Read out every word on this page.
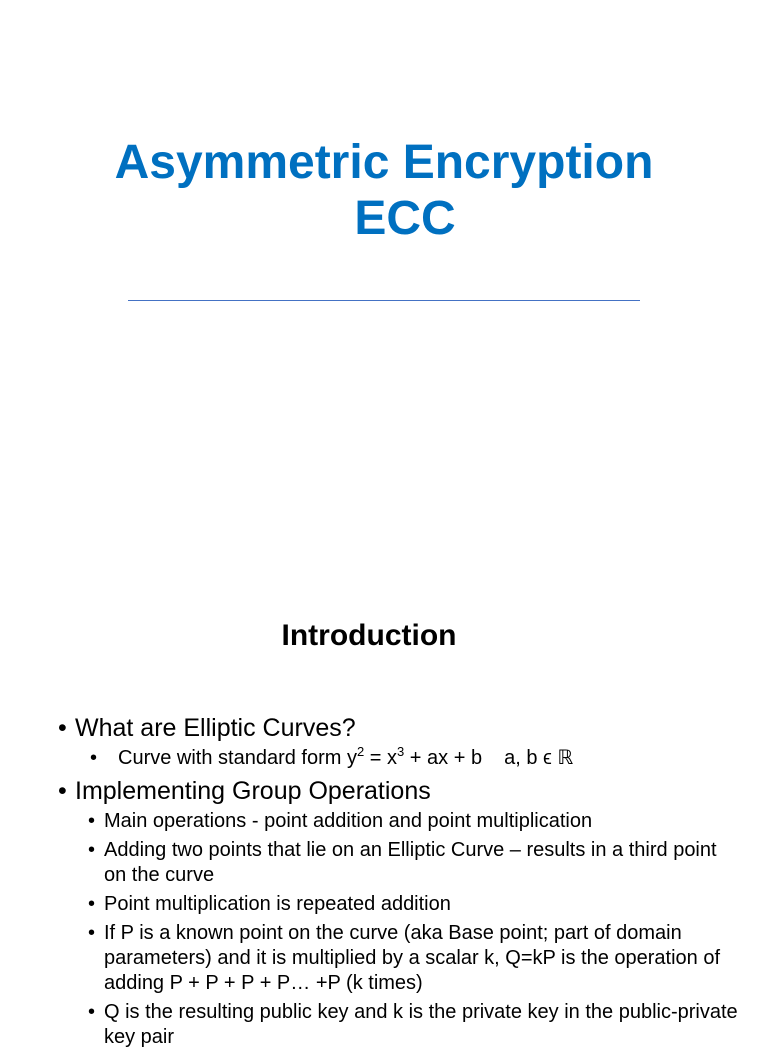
Asymmetric Encryption
ECC
Introduction

• What are Elliptic Curves?

• Curve with standard form $y^2 = x^3$ + ax + b a, b ϵ ℝ

• Implementing Group Operations

• Main operations - point addition and point multiplication

• Adding two points that lie on an Elliptic Curve – results in a third point on the curve

• Point multiplication is repeated addition

• If P is a known point on the curve (aka Base point; part of domain parameters) and it is multiplied by a scalar k, Q=kP is the operation of adding P + P + P + P… +P (k times)

• Q is the resulting public key and k is the private key in the public-private key pair
